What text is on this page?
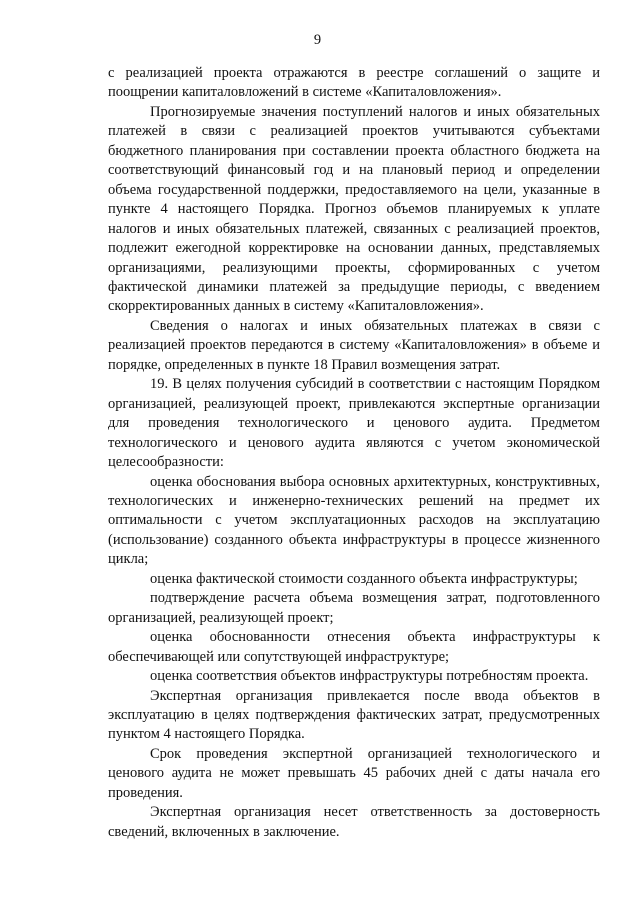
9

с реализацией проекта отражаются в реестре соглашений о защите и поощрении капиталовложений в системе «Капиталовложения».

Прогнозируемые значения поступлений налогов и иных обязательных платежей в связи с реализацией проектов учитываются субъектами бюджетного планирования при составлении проекта областного бюджета на соответствующий финансовый год и на плановый период и определении объема государственной поддержки, предоставляемого на цели, указанные в пункте 4 настоящего Порядка. Прогноз объемов планируемых к уплате налогов и иных обязательных платежей, связанных с реализацией проектов, подлежит ежегодной корректировке на основании данных, представляемых организациями, реализующими проекты, сформированных с учетом фактической динамики платежей за предыдущие периоды, с введением скорректированных данных в систему «Капиталовложения».

Сведения о налогах и иных обязательных платежах в связи с реализацией проектов передаются в систему «Капиталовложения» в объеме и порядке, определенных в пункте 18 Правил возмещения затрат.

19. В целях получения субсидий в соответствии с настоящим Порядком организацией, реализующей проект, привлекаются экспертные организации для проведения технологического и ценового аудита. Предметом технологического и ценового аудита являются с учетом экономической целесообразности:

оценка обоснования выбора основных архитектурных, конструктивных, технологических и инженерно-технических решений на предмет их оптимальности с учетом эксплуатационных расходов на эксплуатацию (использование) созданного объекта инфраструктуры в процессе жизненного цикла;

оценка фактической стоимости созданного объекта инфраструктуры;

подтверждение расчета объема возмещения затрат, подготовленного организацией, реализующей проект;

оценка обоснованности отнесения объекта инфраструктуры к обеспечивающей или сопутствующей инфраструктуре;

оценка соответствия объектов инфраструктуры потребностям проекта.

Экспертная организация привлекается после ввода объектов в эксплуатацию в целях подтверждения фактических затрат, предусмотренных пунктом 4 настоящего Порядка.

Срок проведения экспертной организацией технологического и ценового аудита не может превышать 45 рабочих дней с даты начала его проведения.

Экспертная организация несет ответственность за достоверность сведений, включенных в заключение.
